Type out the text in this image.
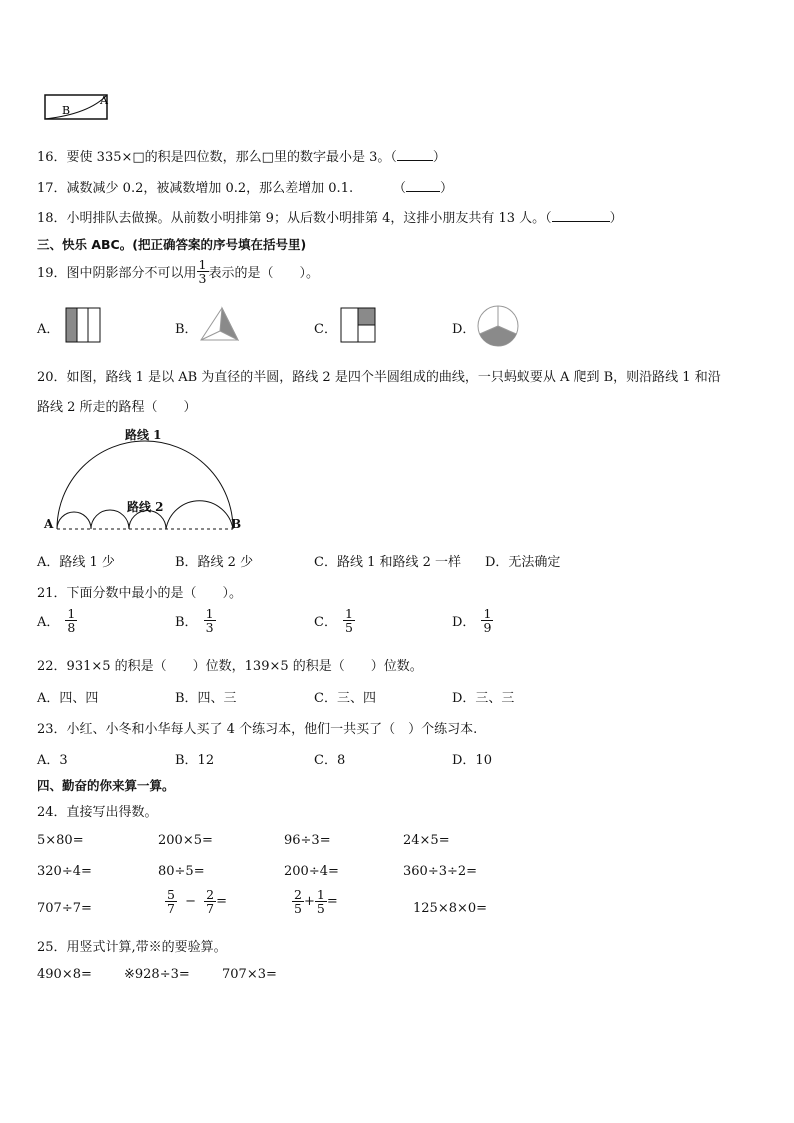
B
A
16．要使 335×□的积是四位数，那么□里的数字最小是 3。（	）
17．减数减少 0.2，被减数增加 0.2，那么差增加 0.1.	（	）
18．小明排队去做操。从前数小明排第 9；从后数小明排第 4，这排小朋友共有 13 人。（	）
三、快乐 ABC。(把正确答案的序号填在括号里)
19．图中阴影部分不可以用 $\frac{1}{3}$ 表示的是（　　）。
A．	B．	C．	D．
20．如图，路线 1 是以 AB 为直径的半圆，路线 2 是四个半圆组成的曲线，一只蚂蚁要从 A 爬到 B，则沿路线 1 和沿
路线 2 所走的路程（　　）
路线 1
路线 2
A	B
A．路线 1 少	B．路线 2 少	C．路线 1 和路线 2 一样 D．无法确定
21．下面分数中最小的是（　　）。
A． $\frac{1}{8}$	B． $\frac{1}{3}$	C． $\frac{1}{5}$	D． $\frac{1}{9}$
22．931×5 的积是（　　）位数，139×5 的积是（　　）位数。
A．四、四	B．四、三	C．三、四	D．三、三
23．小红、小冬和小华每人买了 4 个练习本，他们一共买了（　）个练习本.
A．3	B．12	C．8	D．10
四、勤奋的你来算一算。
24．直接写出得数。
5×80=	200×5=	96÷3=	24×5=
320÷4=	80÷5=	200÷4=	360÷3÷2=
707÷7=	$\frac{5}{7} - \frac{2}{7}$ =	$\frac{2}{5} + \frac{1}{5}$ =	125×8×0=
25．用竖式计算,带※的要验算。
490×8= ※928÷3= 707×3=
